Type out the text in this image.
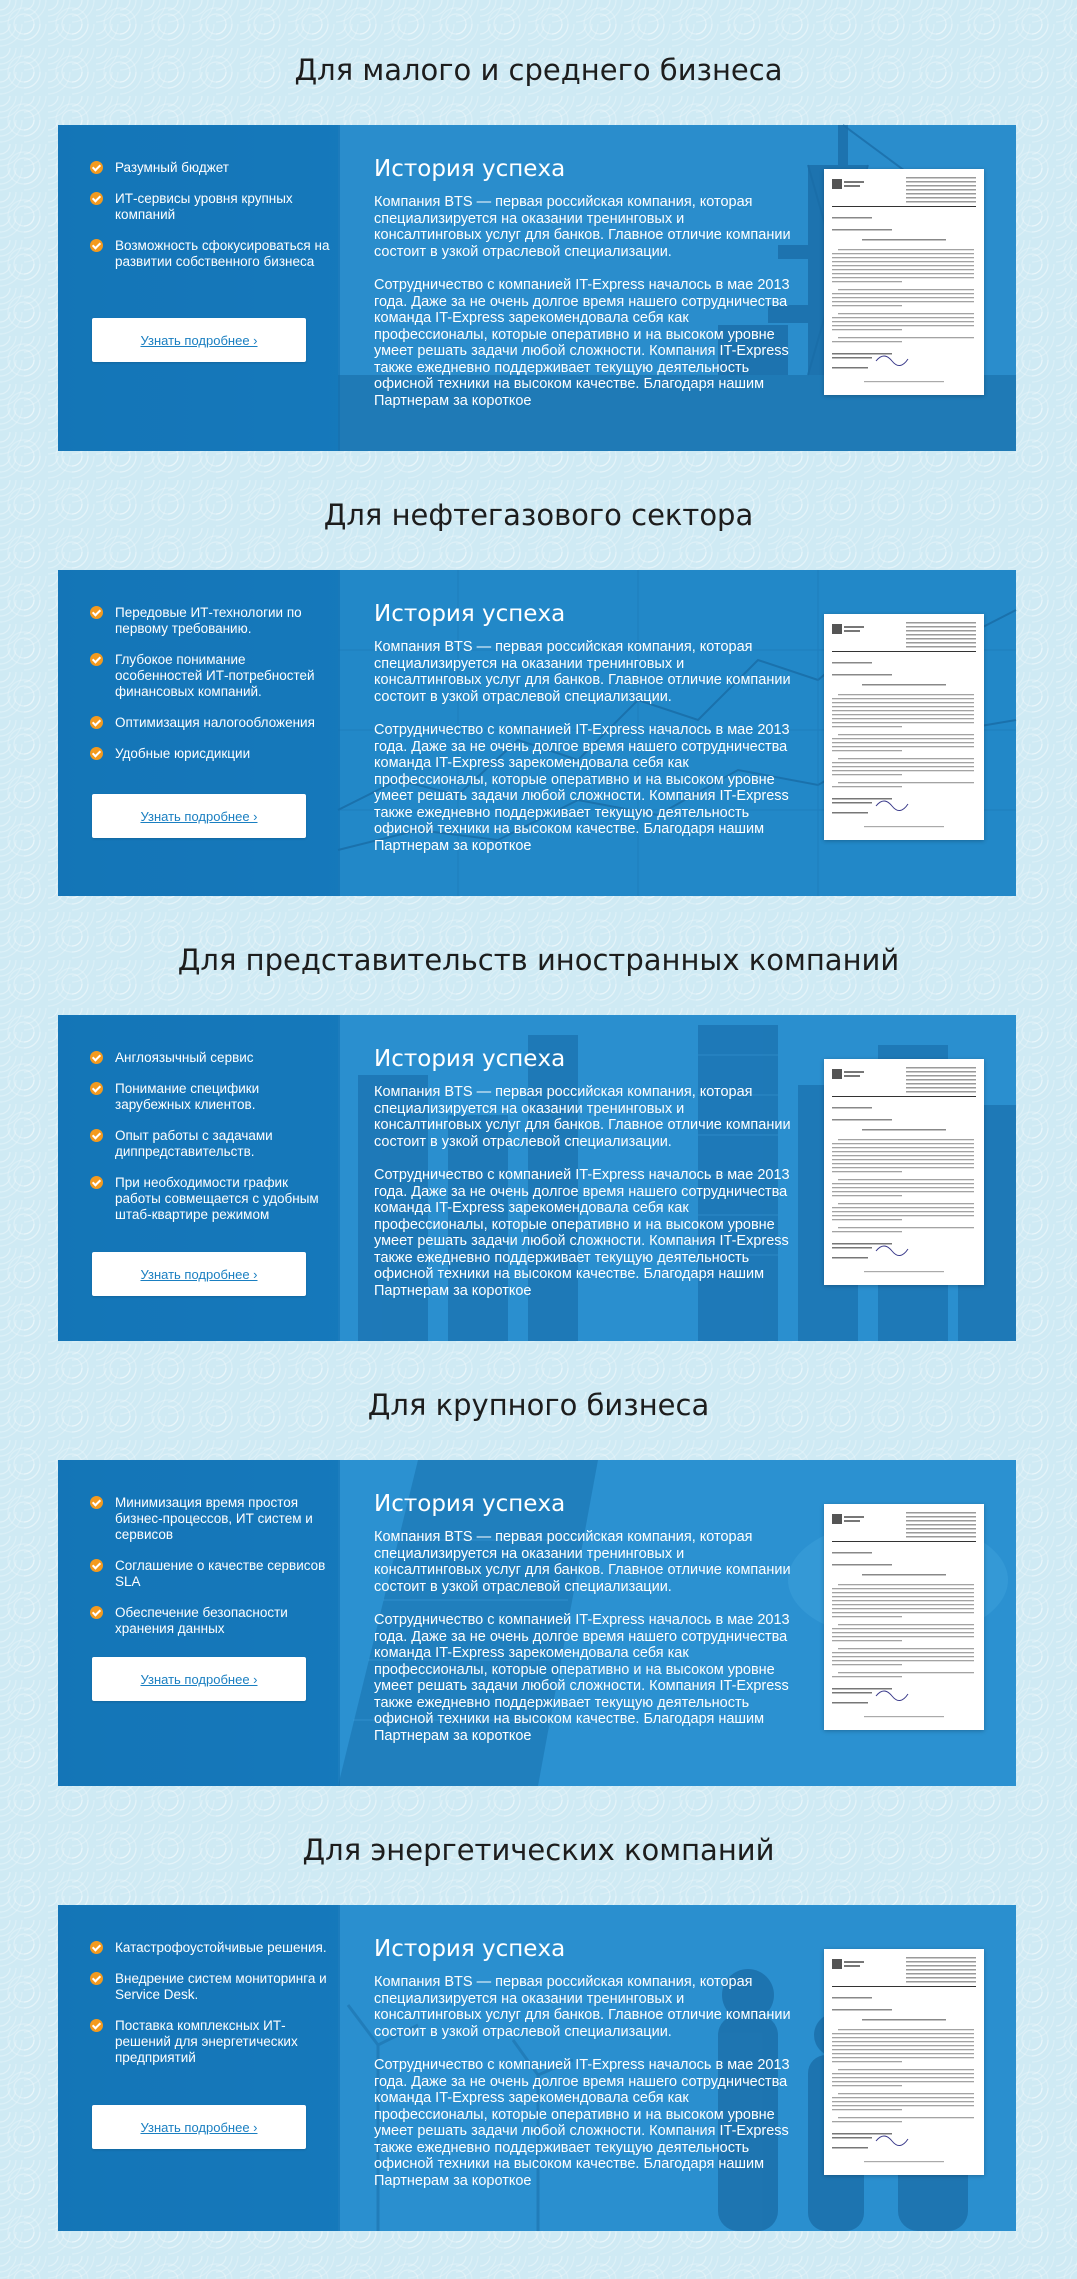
Для малого и среднего бизнеса
Разумный бюджет
ИТ-сервисы уровня крупных компаний
Возможность сфокусироваться на развитии собственного бизнеса
Узнать подробнее ›
История успеха

Компания BTS — первая российская компания, которая специализируется на оказании тренинговых и консалтинговых услуг для банков. Главное отличие компании состоит в узкой отраслевой специализации.

Сотрудничество с компанией IT-Express началось в мае 2013 года. Даже за не очень долгое время нашего сотрудничества команда IT-Express зарекомендовала себя как профессионалы, которые оперативно и на высоком уровне умеет решать задачи любой сложности. Компания IT-Express также ежедневно поддерживает текущую деятельность офисной техники на высоком качестве. Благодаря нашим Партнерам за короткое

Для нефтегазового сектора
Передовые ИТ-технологии по первому требованию.
Глубокое понимание особенностей ИТ-потребностей финансовых компаний.
Оптимизация налогообложения
Удобные юрисдикции
Узнать подробнее ›
История успеха

Компания BTS — первая российская компания, которая специализируется на оказании тренинговых и консалтинговых услуг для банков. Главное отличие компании состоит в узкой отраслевой специализации.

Сотрудничество с компанией IT-Express началось в мае 2013 года. Даже за не очень долгое время нашего сотрудничества команда IT-Express зарекомендовала себя как профессионалы, которые оперативно и на высоком уровне умеет решать задачи любой сложности. Компания IT-Express также ежедневно поддерживает текущую деятельность офисной техники на высоком качестве. Благодаря нашим Партнерам за короткое

Для представительств иностранных компаний
Англоязычный сервис
Понимание специфики зарубежных клиентов.
Опыт работы с задачами диппредставительств.
При необходимости график работы совмещается с удобным штаб-квартире режимом
Узнать подробнее ›
История успеха

Компания BTS — первая российская компания, которая специализируется на оказании тренинговых и консалтинговых услуг для банков. Главное отличие компании состоит в узкой отраслевой специализации.

Сотрудничество с компанией IT-Express началось в мае 2013 года. Даже за не очень долгое время нашего сотрудничества команда IT-Express зарекомендовала себя как профессионалы, которые оперативно и на высоком уровне умеет решать задачи любой сложности. Компания IT-Express также ежедневно поддерживает текущую деятельность офисной техники на высоком качестве. Благодаря нашим Партнерам за короткое

Для крупного бизнеса
Минимизация время простоя бизнес-процессов, ИТ систем и сервисов
Соглашение о качестве сервисов SLA
Обеспечение безопасности хранения данных
Узнать подробнее ›
История успеха

Компания BTS — первая российская компания, которая специализируется на оказании тренинговых и консалтинговых услуг для банков. Главное отличие компании состоит в узкой отраслевой специализации.

Сотрудничество с компанией IT-Express началось в мае 2013 года. Даже за не очень долгое время нашего сотрудничества команда IT-Express зарекомендовала себя как профессионалы, которые оперативно и на высоком уровне умеет решать задачи любой сложности. Компания IT-Express также ежедневно поддерживает текущую деятельность офисной техники на высоком качестве. Благодаря нашим Партнерам за короткое

Для энергетических компаний
Катастрофоустойчивые решения.
Внедрение систем мониторинга и Service Desk.
Поставка комплексных ИТ-решений для энергетических предприятий
Узнать подробнее ›
История успеха

Компания BTS — первая российская компания, которая специализируется на оказании тренинговых и консалтинговых услуг для банков. Главное отличие компании состоит в узкой отраслевой специализации.

Сотрудничество с компанией IT-Express началось в мае 2013 года. Даже за не очень долгое время нашего сотрудничества команда IT-Express зарекомендовала себя как профессионалы, которые оперативно и на высоком уровне умеет решать задачи любой сложности. Компания IT-Express также ежедневно поддерживает текущую деятельность офисной техники на высоком качестве. Благодаря нашим Партнерам за короткое
